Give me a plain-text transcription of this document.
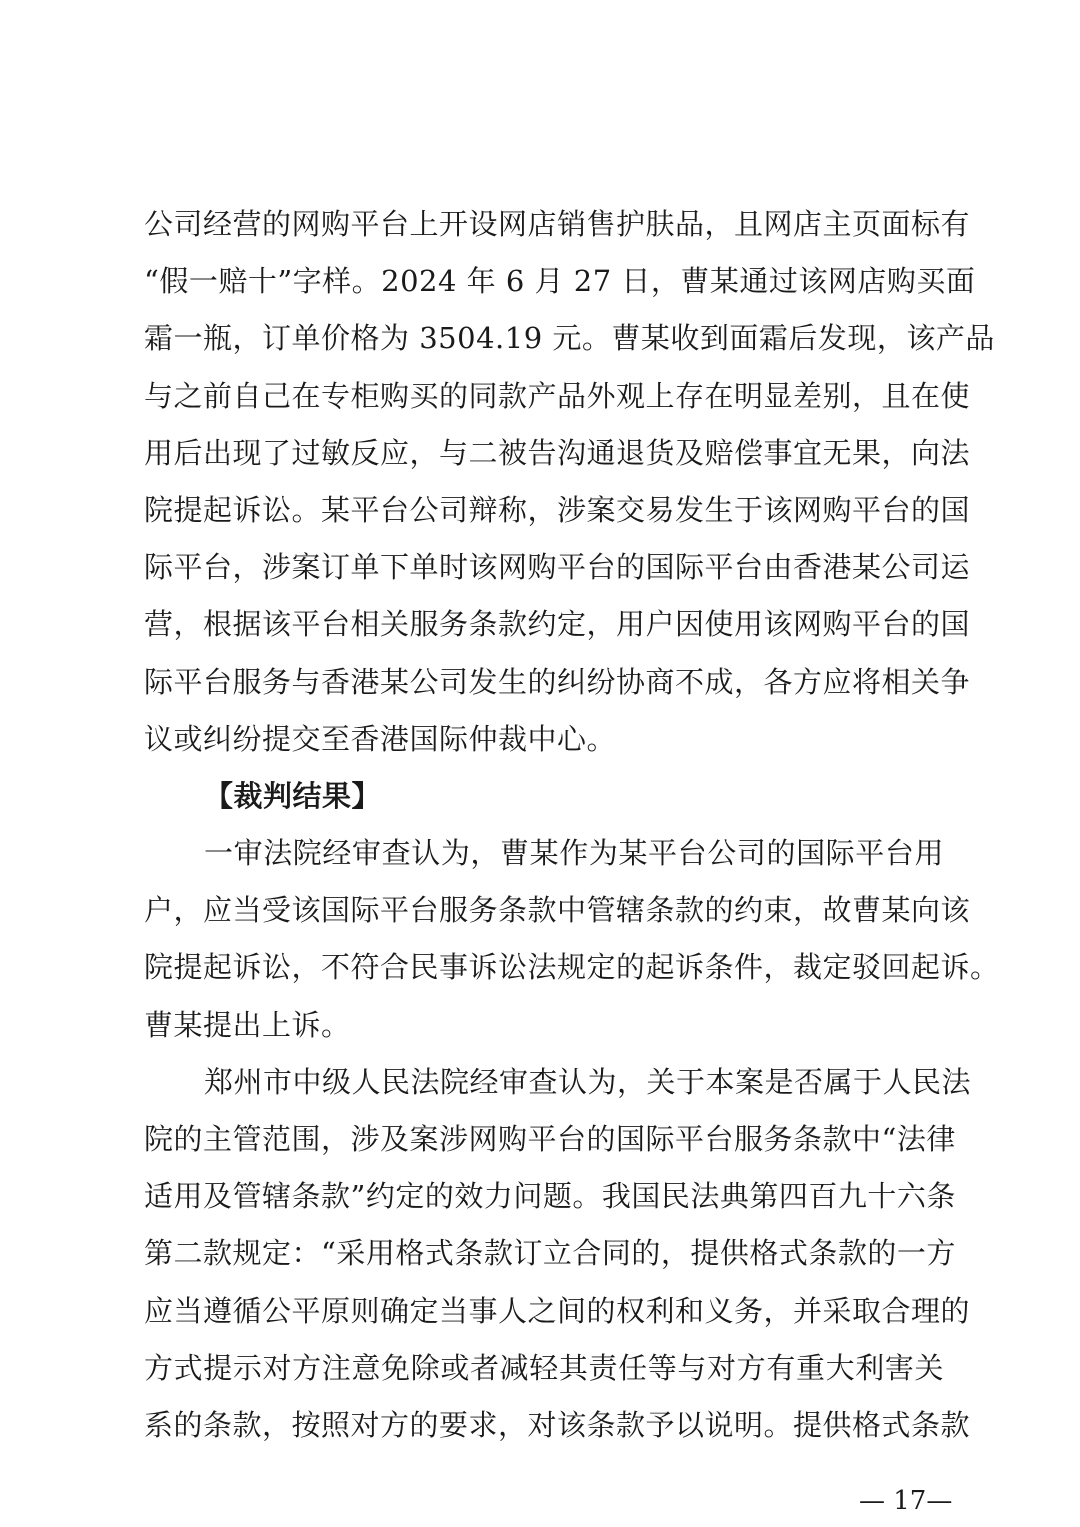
公司经营的网购平台上开设网店销售护肤品，且网店主页面标有
“假一赔十”字样。2024 年 6 月 27 日，曹某通过该网店购买面
霜一瓶，订单价格为 3504.19 元。曹某收到面霜后发现，该产品
与之前自己在专柜购买的同款产品外观上存在明显差别，且在使
用后出现了过敏反应，与二被告沟通退货及赔偿事宜无果，向法
院提起诉讼。某平台公司辩称，涉案交易发生于该网购平台的国
际平台，涉案订单下单时该网购平台的国际平台由香港某公司运
营，根据该平台相关服务条款约定，用户因使用该网购平台的国
际平台服务与香港某公司发生的纠纷协商不成，各方应将相关争
议或纠纷提交至香港国际仲裁中心。
【裁判结果】
一审法院经审查认为，曹某作为某平台公司的国际平台用
户，应当受该国际平台服务条款中管辖条款的约束，故曹某向该
院提起诉讼，不符合民事诉讼法规定的起诉条件，裁定驳回起诉。
曹某提出上诉。
郑州市中级人民法院经审查认为，关于本案是否属于人民法
院的主管范围，涉及案涉网购平台的国际平台服务条款中“法律
适用及管辖条款”约定的效力问题。我国民法典第四百九十六条
第二款规定：“采用格式条款订立合同的，提供格式条款的一方
应当遵循公平原则确定当事人之间的权利和义务，并采取合理的
方式提示对方注意免除或者减轻其责任等与对方有重大利害关
系的条款，按照对方的要求，对该条款予以说明。提供格式条款
— 17—
